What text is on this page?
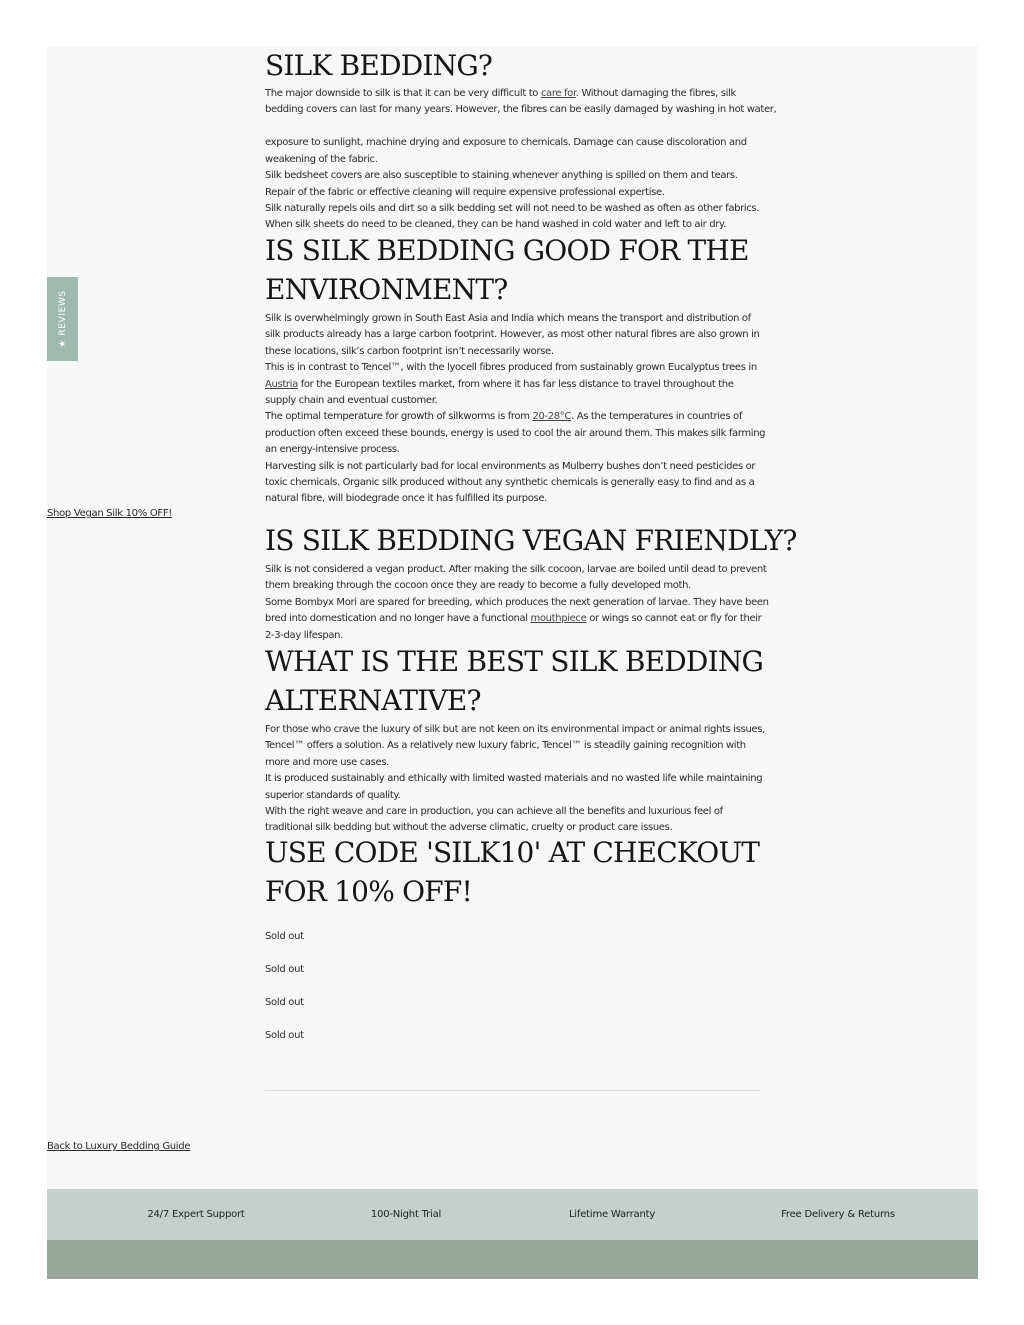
★ REVIEWS
SILK BEDDING?

The major downside to silk is that it can be very difficult to care for. Without damaging the fibres, silk

bedding covers can last for many years. However, the fibres can be easily damaged by washing in hot water,

exposure to sunlight, machine drying and exposure to chemicals. Damage can cause discoloration and

weakening of the fabric.

Silk bedsheet covers are also susceptible to staining whenever anything is spilled on them and tears.

Repair of the fabric or effective cleaning will require expensive professional expertise.

Silk naturally repels oils and dirt so a silk bedding set will not need to be washed as often as other fabrics.

When silk sheets do need to be cleaned, they can be hand washed in cold water and left to air dry.

IS SILK BEDDING GOOD FOR THE
ENVIRONMENT?

Silk is overwhelmingly grown in South East Asia and India which means the transport and distribution of

silk products already has a large carbon footprint. However, as most other natural fibres are also grown in

these locations, silk’s carbon footprint isn’t necessarily worse.

This is in contrast to Tencel™, with the lyocell fibres produced from sustainably grown Eucalyptus trees in

Austria for the European textiles market, from where it has far less distance to travel throughout the

supply chain and eventual customer.

The optimal temperature for growth of silkworms is from 20-28°C. As the temperatures in countries of

production often exceed these bounds, energy is used to cool the air around them. This makes silk farming

an energy-intensive process.

Harvesting silk is not particularly bad for local environments as Mulberry bushes don’t need pesticides or

toxic chemicals. Organic silk produced without any synthetic chemicals is generally easy to find and as a

natural fibre, will biodegrade once it has fulfilled its purpose.

Shop Vegan Silk 10% OFF!
IS SILK BEDDING VEGAN FRIENDLY?

Silk is not considered a vegan product. After making the silk cocoon, larvae are boiled until dead to prevent

them breaking through the cocoon once they are ready to become a fully developed moth.

Some Bombyx Mori are spared for breeding, which produces the next generation of larvae. They have been

bred into domestication and no longer have a functional mouthpiece or wings so cannot eat or fly for their

2-3-day lifespan.

WHAT IS THE BEST SILK BEDDING
ALTERNATIVE?

For those who crave the luxury of silk but are not keen on its environmental impact or animal rights issues,

Tencel™ offers a solution. As a relatively new luxury fabric, Tencel™ is steadily gaining recognition with

more and more use cases.

It is produced sustainably and ethically with limited wasted materials and no wasted life while maintaining

superior standards of quality.

With the right weave and care in production, you can achieve all the benefits and luxurious feel of

traditional silk bedding but without the adverse climatic, cruelty or product care issues.

USE CODE 'SILK10' AT CHECKOUT
FOR 10% OFF!
Sold out
Sold out
Sold out
Sold out
Back to Luxury Bedding Guide
24/7 Expert Support	100-Night Trial	Lifetime Warranty	Free Delivery & Returns
